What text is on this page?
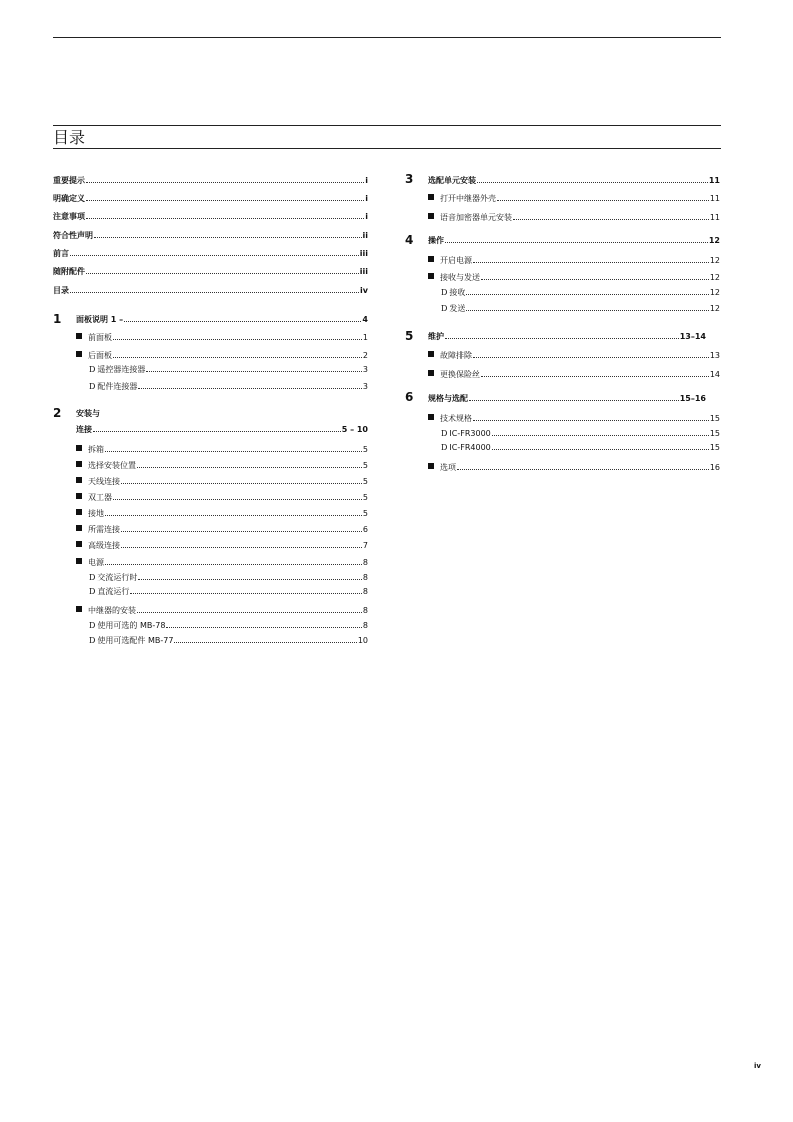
目录
重要提示	i
明确定义	i
注意事项	i
符合性声明	ii
前言	iii
随附配件	iii
目录	iv
1 面板说明 1 –	4
前面板	1
后面板	2
D 遥控器连接器	3
D 配件连接器	3
2 安装与
连接	5 – 10
拆箱	5
选择安装位置	5
天线连接	5
双工器	5
接地	5
所需连接	6
高级连接	7
电源	8
D 交流运行时	8
D 直流运行	8
中继器的安装	8
D 使用可选的 MB-78	8
D 使用可选配件 MB-77	10
3 选配单元安装	11
打开中继器外壳	11
语音加密器单元安装	11
4 操作	12
开启电源	12
接收与发送	12
D 接收	12
D 发送	12
5 维护	13–14
故障排除	13
更换保险丝	14
6 规格与选配	15–16
技术规格	15
D IC-FR3000	15
D IC-FR4000	15
选项	16
iv
